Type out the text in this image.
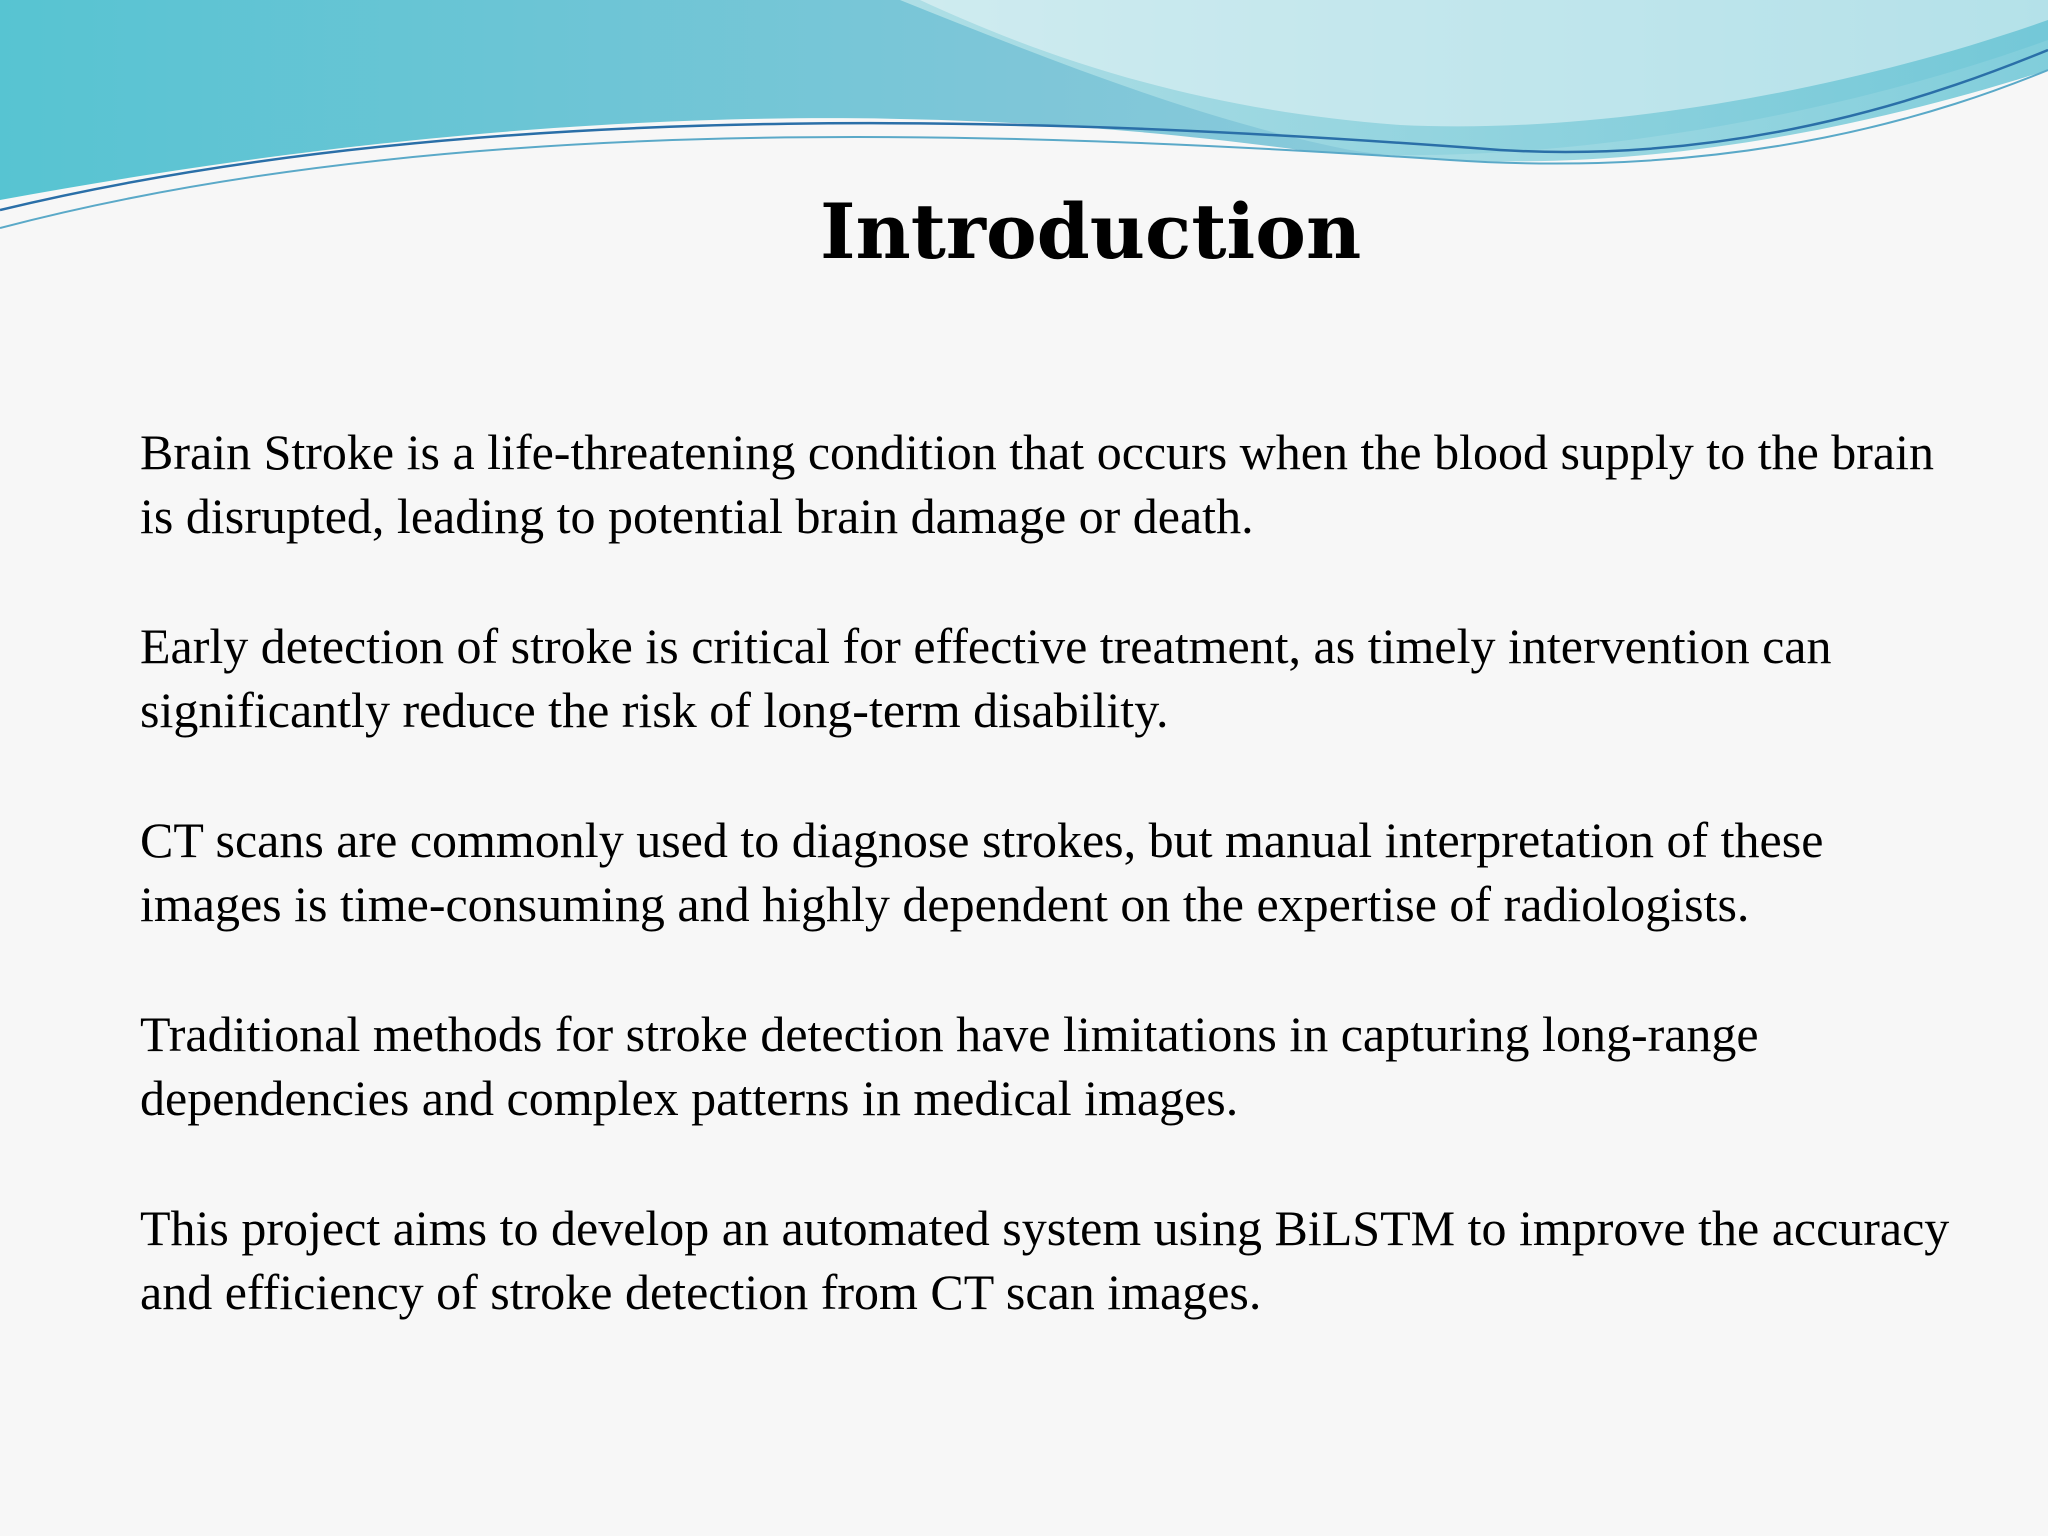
Introduction

Brain Stroke is a life-threatening condition that occurs when the blood supply to the brain is disrupted, leading to potential brain damage or death.

Early detection of stroke is critical for effective treatment, as timely intervention can significantly reduce the risk of long-term disability.

CT scans are commonly used to diagnose strokes, but manual interpretation of these images is time-consuming and highly dependent on the expertise of radiologists.

Traditional methods for stroke detection have limitations in capturing long-range dependencies and complex patterns in medical images.

This project aims to develop an automated system using BiLSTM to improve the accuracy and efficiency of stroke detection from CT scan images.
